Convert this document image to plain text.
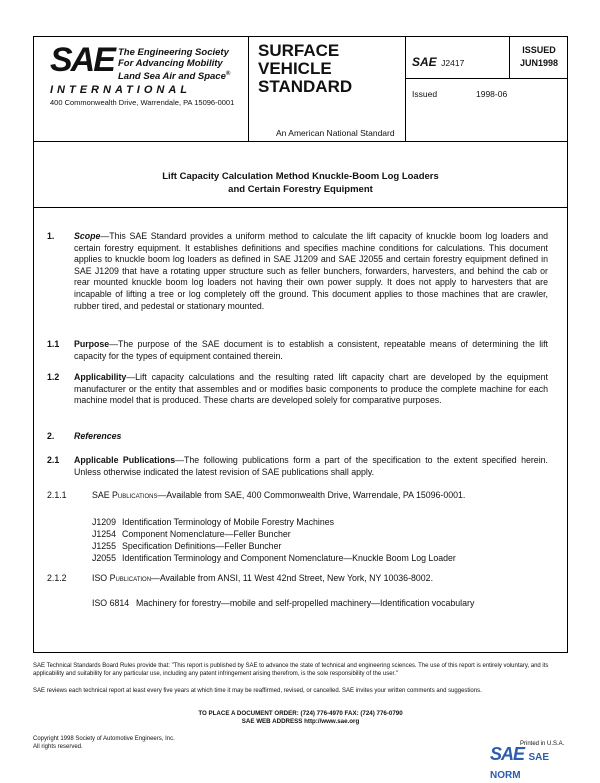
SAE The Engineering Society
For Advancing Mobility
Land Sea Air and Space®
INTERNATIONAL
400 Commonwealth Drive, Warrendale, PA 15096-0001
SURFACE
VEHICLE
STANDARD
An American National Standard
SAE J2417
ISSUED
JUN1998
Issued	1998-06
Lift Capacity Calculation Method Knuckle-Boom Log Loaders
and Certain Forestry Equipment
1. Scope—This SAE Standard provides a uniform method to calculate the lift capacity of knuckle boom log loaders and certain forestry equipment. It establishes definitions and specifies machine conditions for calculations. This document applies to knuckle boom log loaders as defined in SAE J1209 and SAE J2055 and certain forestry equipment defined in SAE J1209 that have a rotating upper structure such as feller bunchers, forwarders, harvesters, and behind the cab or rear mounted knuckle boom log loaders not having their own power supply. It does not apply to harvesters that are incapable of lifting a tree or log completely off the ground. This document applies to those machines that are crawler, rubber tired, and pedestal or stationary mounted.
1.1 Purpose—The purpose of the SAE document is to establish a consistent, repeatable means of determining the lift capacity for the types of equipment contained therein.
1.2 Applicability—Lift capacity calculations and the resulting rated lift capacity chart are developed by the equipment manufacturer or the entity that assembles and or modifies basic components to produce the complete machine for each machine model that is produced. These charts are developed solely for comparative purposes.
2. References
2.1 Applicable Publications—The following publications form a part of the specification to the extent specified herein. Unless otherwise indicated the latest revision of SAE publications shall apply.
2.1.1	SAE Publications—Available from SAE, 400 Commonwealth Drive, Warrendale, PA 15096-0001.
J1209 Identification Terminology of Mobile Forestry Machines
J1254 Component Nomenclature—Feller Buncher
J1255 Specification Definitions—Feller Buncher
J2055 Identification Terminology and Component Nomenclature—Knuckle Boom Log Loader
2.1.2	ISO Publication—Available from ANSI, 11 West 42nd Street, New York, NY 10036-8002.
ISO 6814 Machinery for forestry—mobile and self-propelled machinery—Identification vocabulary
SAE Technical Standards Board Rules provide that: "This report is published by SAE to advance the state of technical and engineering sciences. The use of this report is entirely voluntary, and its applicability and suitability for any particular use, including any patent infringement arising therefrom, is the sole responsibility of the user."
SAE reviews each technical report at least every five years at which time it may be reaffirmed, revised, or cancelled. SAE invites your written comments and suggestions.
TO PLACE A DOCUMENT ORDER: (724) 776-4970 FAX: (724) 776-0790
SAE WEB ADDRESS http://www.sae.org
Copyright 1998 Society of Automotive Engineers, Inc.
All rights reserved.	Printed in U.S.A.
SAE SAE NORM
